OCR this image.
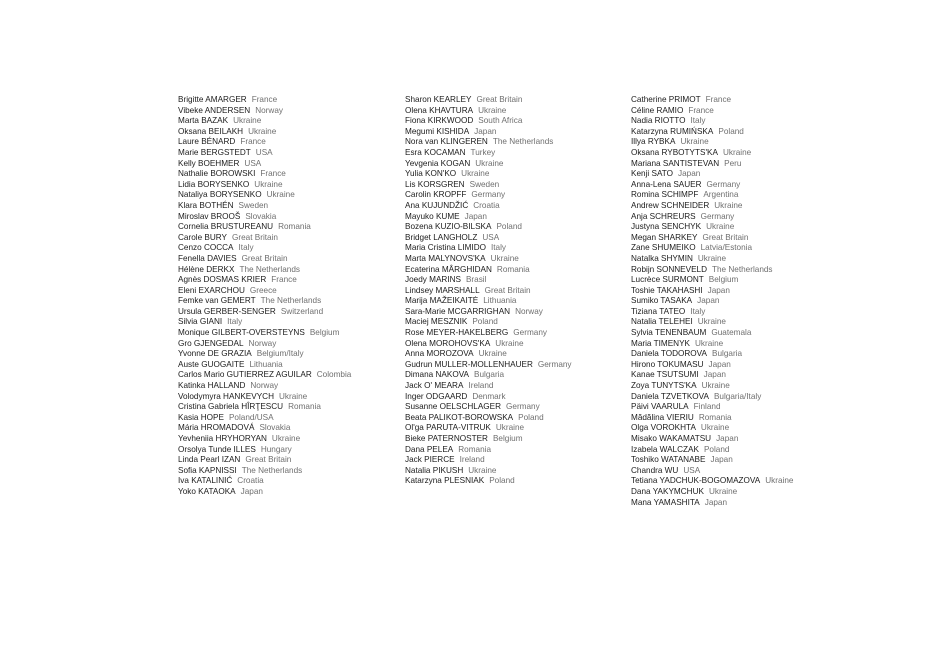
Brigitte AMARGER France
Vibeke ANDERSEN Norway
Marta BAZAK Ukraine
Oksana BEILAKH Ukraine
Laure BÉNARD France
Marie BERGSTEDT USA
Kelly BOEHMER USA
Nathalie BOROWSKI France
Lidia BORYSENKO Ukraine
Nataliya BORYSENKO Ukraine
Klara BOTHÉN Sweden
Miroslav BROOŠ Slovakia
Cornelia BRUSTUREANU Romania
Carole BURY Great Britain
Cenzo COCCA Italy
Fenella DAVIES Great Britain
Hélène DERKX The Netherlands
Agnès DOSMAS KRIER France
Eleni EXARCHOU Greece
Femke van GEMERT The Netherlands
Ursula GERBER-SENGER Switzerland
Silvia GIANI Italy
Monique GILBERT-OVERSTEYNS Belgium
Gro GJENGEDAL Norway
Yvonne DE GRAZIA Belgium/Italy
Auste GUOGAITE Lithuania
Carlos Mario GUTIERREZ AGUILAR Colombia
Katinka HALLAND Norway
Volodymyra HANKEVYCH Ukraine
Cristina Gabriela HÎRŢESCU Romania
Kasia HOPE Poland/USA
Mária HROMADOVÁ Slovakia
Yevheniia HRYHORYAN Ukraine
Orsolya Tunde ILLES Hungary
Linda Pearl IZAN Great Britain
Sofia KAPNISSI The Netherlands
Iva KATALINIĆ Croatia
Yoko KATAOKA Japan
Sharon KEARLEY Great Britain
Olena KHAVTURA Ukraine
Fiona KIRKWOOD South Africa
Megumi KISHIDA Japan
Nora van KLINGEREN The Netherlands
Esra KOCAMAN Turkey
Yevgenia KOGAN Ukraine
Yulia KON'KO Ukraine
Lis KORSGREN Sweden
Carolin KROPFF Germany
Ana KUJUNDŽIĆ Croatia
Mayuko KUME Japan
Bozena KUZIO-BILSKA Poland
Bridget LANGHOLZ USA
Maria Cristina LIMIDO Italy
Marta MALYNOVS'KA Ukraine
Ecaterina MÂRGHIDAN Romania
Joedy MARINS Brasil
Lindsey MARSHALL Great Britain
Marija MAŽEIKAITĖ Lithuania
Sara-Marie MCGARRIGHAN Norway
Maciej MESZNIK Poland
Rose MEYER-HAKELBERG Germany
Olena MOROHOVS'KA Ukraine
Anna MOROZOVA Ukraine
Gudrun MULLER-MOLLENHAUER Germany
Dimana NAKOVA Bulgaria
Jack O' MEARA Ireland
Inger ODGAARD Denmark
Susanne OELSCHLAGER Germany
Beata PALIKOT-BOROWSKA Poland
Ol'ga PARUTA-VITRUK Ukraine
Bieke PATERNOSTER Belgium
Dana PELEA Romania
Jack PIERCE Ireland
Natalia PIKUSH Ukraine
Katarzyna PLESNIAK Poland
Catherine PRIMOT France
Céline RAMIO France
Nadia RIOTTO Italy
Katarzyna RUMIŃSKA Poland
Illya RYBKA Ukraine
Oksana RYBOTYTS'KA Ukraine
Mariana SANTISTEVAN Peru
Kenji SATO Japan
Anna-Lena SAUER Germany
Romina SCHIMPF Argentina
Andrew SCHNEIDER Ukraine
Anja SCHREURS Germany
Justyna SENCHYK Ukraine
Megan SHARKEY Great Britain
Zane SHUMEIKO Latvia/Estonia
Natalka SHYMIN Ukraine
Robijn SONNEVELD The Netherlands
Lucrèce SURMONT Belgium
Toshie TAKAHASHI Japan
Sumiko TASAKA Japan
Tiziana TATEO Italy
Natalia TELEHEI Ukraine
Sylvia TENENBAUM Guatemala
Maria TIMENYK Ukraine
Daniela TODOROVA Bulgaria
Hirono TOKUMASU Japan
Kanae TSUTSUMI Japan
Zoya TUNYTS'KA Ukraine
Daniela TZVETKOVA Bulgaria/Italy
Päivi VAARULA Finland
Mădălina VIERIU Romania
Olga VOROKHTA Ukraine
Misako WAKAMATSU Japan
Izabela WALCZAK Poland
Toshiko WATANABE Japan
Chandra WU USA
Tetiana YADCHUK-BOGOMAZOVA Ukraine
Dana YAKYMCHUK Ukraine
Mana YAMASHITA Japan
